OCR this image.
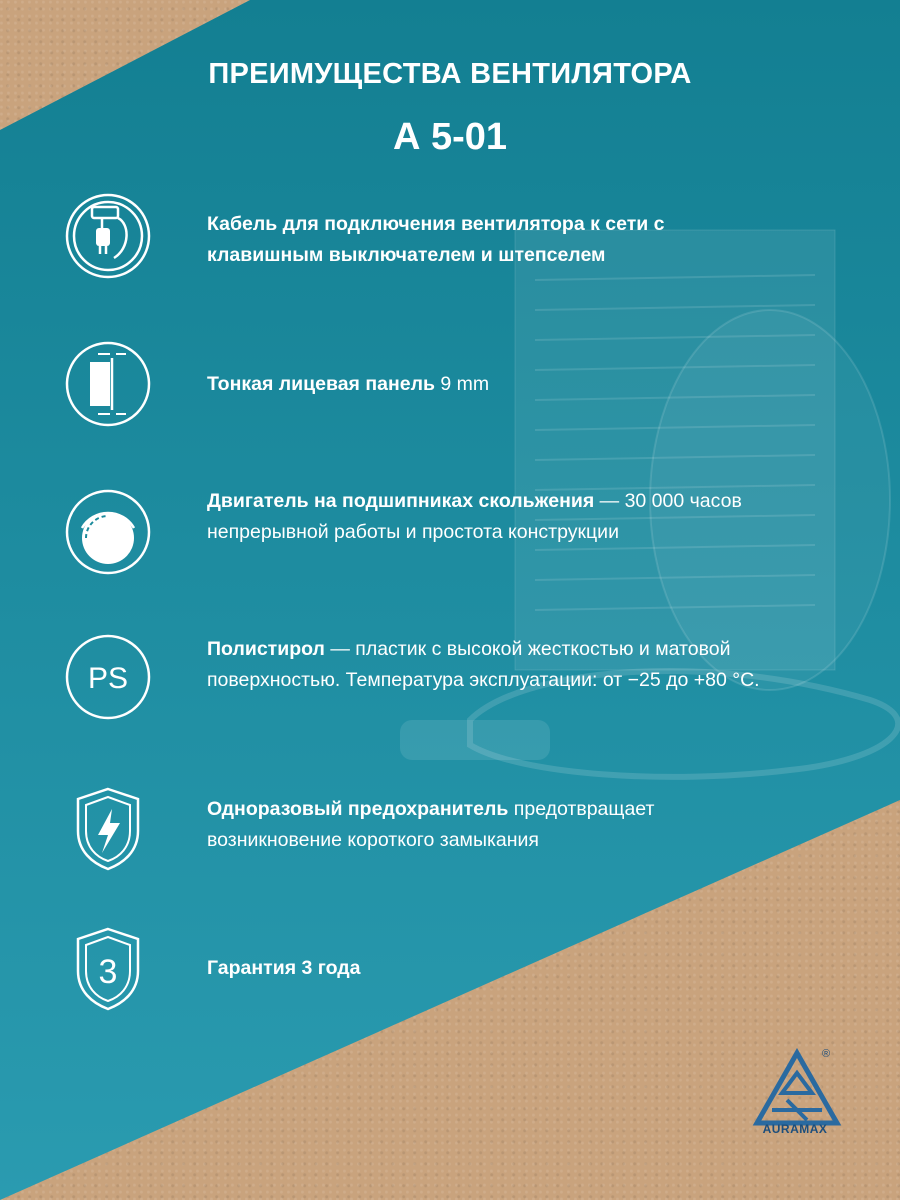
ПРЕИМУЩЕСТВА ВЕНТИЛЯТОРА
А 5-01
Кабель для подключения вентилятора к сети с клавишным выключателем и штепселем
Тонкая лицевая панель 9 mm
Двигатель на подшипниках скольжения — 30 000 часов непрерывной работы и простота конструкции
PS
Полистирол — пластик с высокой жесткостью и матовой поверхностью. Температура эксплуатации: от −25 до +80 °С.
Одноразовый предохранитель предотвращает возникновение короткого замыкания
3	Гарантия 3 года
®
AURAMAX
